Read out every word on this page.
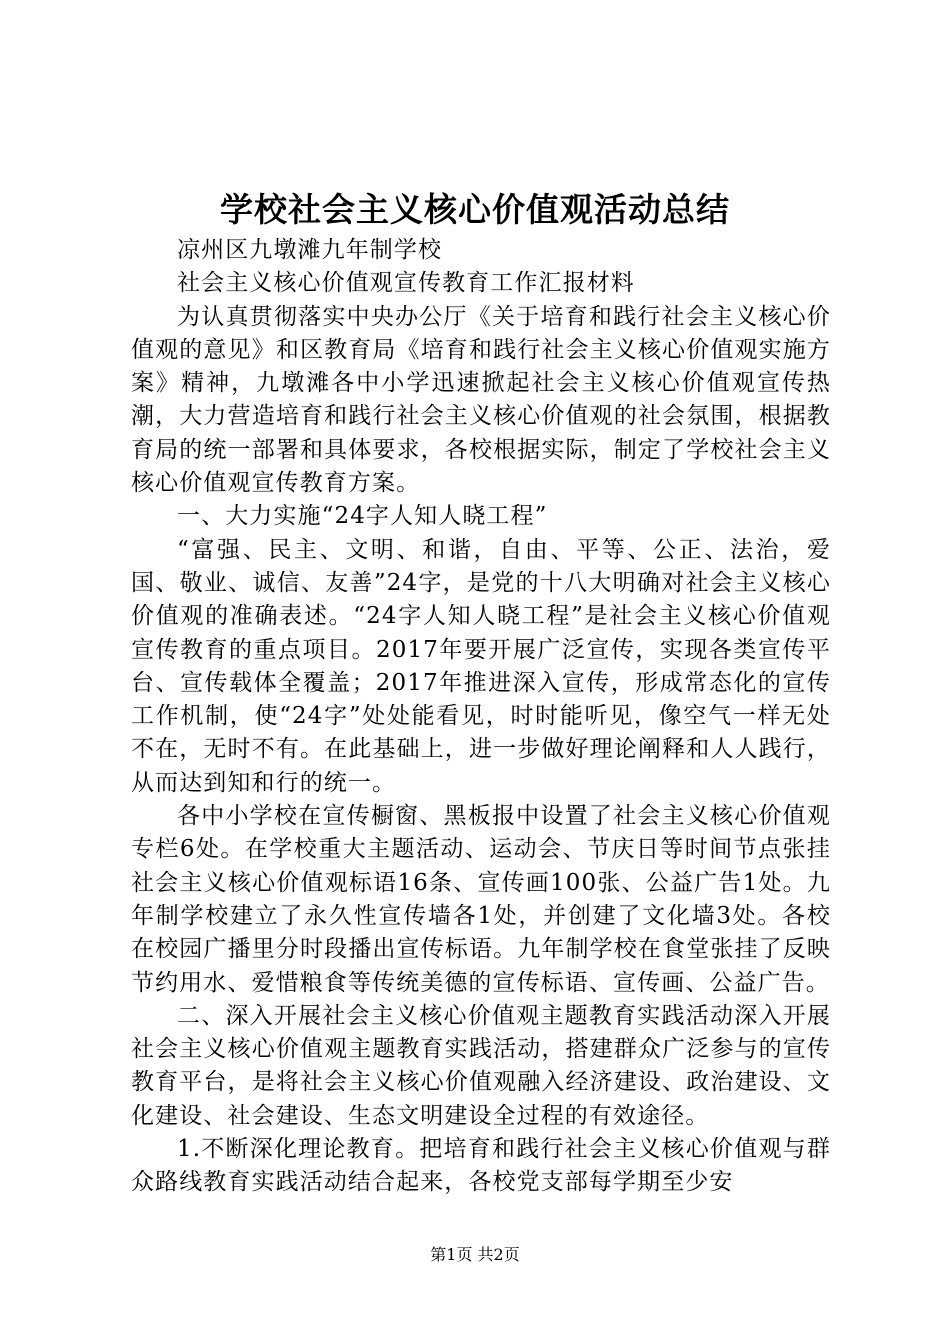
学校社会主义核心价值观活动总结

凉州区九墩滩九年制学校

社会主义核心价值观宣传教育工作汇报材料

为认真贯彻落实中央办公厅《关于培育和践行社会主义核心价值观的意见》和区教育局《培育和践行社会主义核心价值观实施方案》精神，九墩滩各中小学迅速掀起社会主义核心价值观宣传热潮，大力营造培育和践行社会主义核心价值观的社会氛围，根据教育局的统一部署和具体要求，各校根据实际，制定了学校社会主义核心价值观宣传教育方案。

一、大力实施“24字人知人晓工程”

“富强、民主、文明、和谐，自由、平等、公正、法治，爱国、敬业、诚信、友善”24字，是党的十八大明确对社会主义核心价值观的准确表述。“24字人知人晓工程”是社会主义核心价值观宣传教育的重点项目。2017年要开展广泛宣传，实现各类宣传平台、宣传载体全覆盖；2017年推进深入宣传，形成常态化的宣传工作机制，使“24字”处处能看见，时时能听见，像空气一样无处不在，无时不有。在此基础上，进一步做好理论阐释和人人践行，从而达到知和行的统一。

各中小学校在宣传橱窗、黑板报中设置了社会主义核心价值观专栏6处。在学校重大主题活动、运动会、节庆日等时间节点张挂社会主义核心价值观标语16条、宣传画100张、公益广告1处。九年制学校建立了永久性宣传墙各1处，并创建了文化墙3处。各校在校园广播里分时段播出宣传标语。九年制学校在食堂张挂了反映节约用水、爱惜粮食等传统美德的宣传标语、宣传画、公益广告。

二、深入开展社会主义核心价值观主题教育实践活动深入开展社会主义核心价值观主题教育实践活动，搭建群众广泛参与的宣传教育平台，是将社会主义核心价值观融入经济建设、政治建设、文化建设、社会建设、生态文明建设全过程的有效途径。

1.不断深化理论教育。把培育和践行社会主义核心价值观与群众路线教育实践活动结合起来，各校党支部每学期至少安

第1页 共2页
